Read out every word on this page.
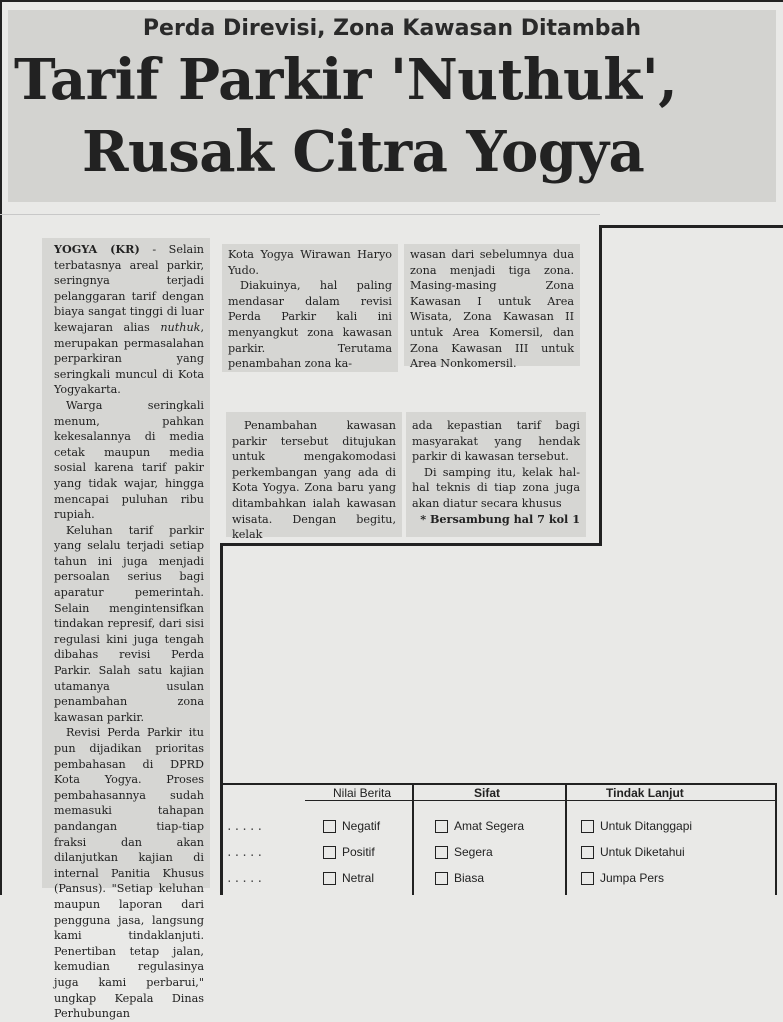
Perda Direvisi, Zona Kawasan Ditambah
Tarif Parkir 'Nuthuk',
Rusak Citra Yogya

YOGYA (KR) - Selain terbatasnya areal parkir, seringnya terjadi pelanggaran tarif dengan biaya sangat tinggi di luar kewajaran alias nuthuk, merupakan permasalahan perparkiran yang seringkali muncul di Kota Yogyakarta.

Warga seringkali menum, pahkan kekesalannya di media cetak maupun media sosial karena tarif pakir yang tidak wajar, hingga mencapai puluhan ribu rupiah.

Keluhan tarif parkir yang selalu terjadi setiap tahun ini juga menjadi persoalan serius bagi aparatur pemerintah. Selain mengintensifkan tindakan represif, dari sisi regulasi kini juga tengah dibahas revisi Perda Parkir. Salah satu kajian utamanya usulan penambahan zona kawasan parkir.

Revisi Perda Parkir itu pun dijadikan prioritas pembahasan di DPRD Kota Yogya. Proses pembahasannya sudah memasuki tahapan pandangan tiap-tiap fraksi dan akan dilanjutkan kajian di internal Panitia Khusus (Pansus). "Setiap keluhan maupun laporan dari pengguna jasa, langsung kami tindaklanjuti. Penertiban tetap jalan, kemudian regulasinya juga kami perbarui," ungkap Kepala Dinas Perhubungan

Kota Yogya Wirawan Haryo Yudo.

Diakuinya, hal paling mendasar dalam revisi Perda Parkir kali ini menyangkut zona kawasan parkir. Terutama penambahan zona ka-

wasan dari sebelumnya dua zona menjadi tiga zona. Masing-masing Zona Kawasan I untuk Area Wisata, Zona Kawasan II untuk Area Komersil, dan Zona Kawasan III untuk Area Nonkomersil.

Penambahan kawasan parkir tersebut ditujukan untuk mengakomodasi perkembangan yang ada di Kota Yogya. Zona baru yang ditambahkan ialah kawasan wisata. Dengan begitu, kelak

ada kepastian tarif bagi masyarakat yang hendak parkir di kawasan tersebut.

Di samping itu, kelak hal-hal teknis di tiap zona juga akan diatur secara khusus

* Bersambung hal 7 kol 1

Nilai Berita	Sifat	Tindak Lanjut
.....
.....
.....
Negatif
Positif
Netral
Amat Segera
Segera
Biasa
Untuk Ditanggapi
Untuk Diketahui
Jumpa Pers
